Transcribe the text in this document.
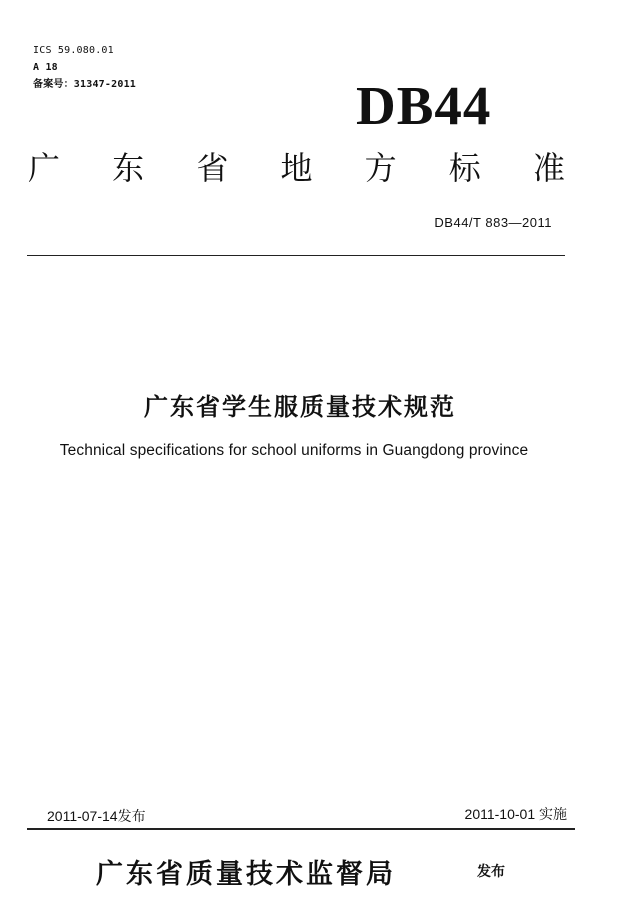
ICS 59.080.01
A 18
备案号：31347-2011	DB44
广 东 省 地 方 标 准
DB44/T 883—2011
广东省学生服质量技术规范
Technical specifications for school uniforms in Guangdong province
2011-07-14发布	2011-10-01 实施
广东省质量技术监督局	发布
